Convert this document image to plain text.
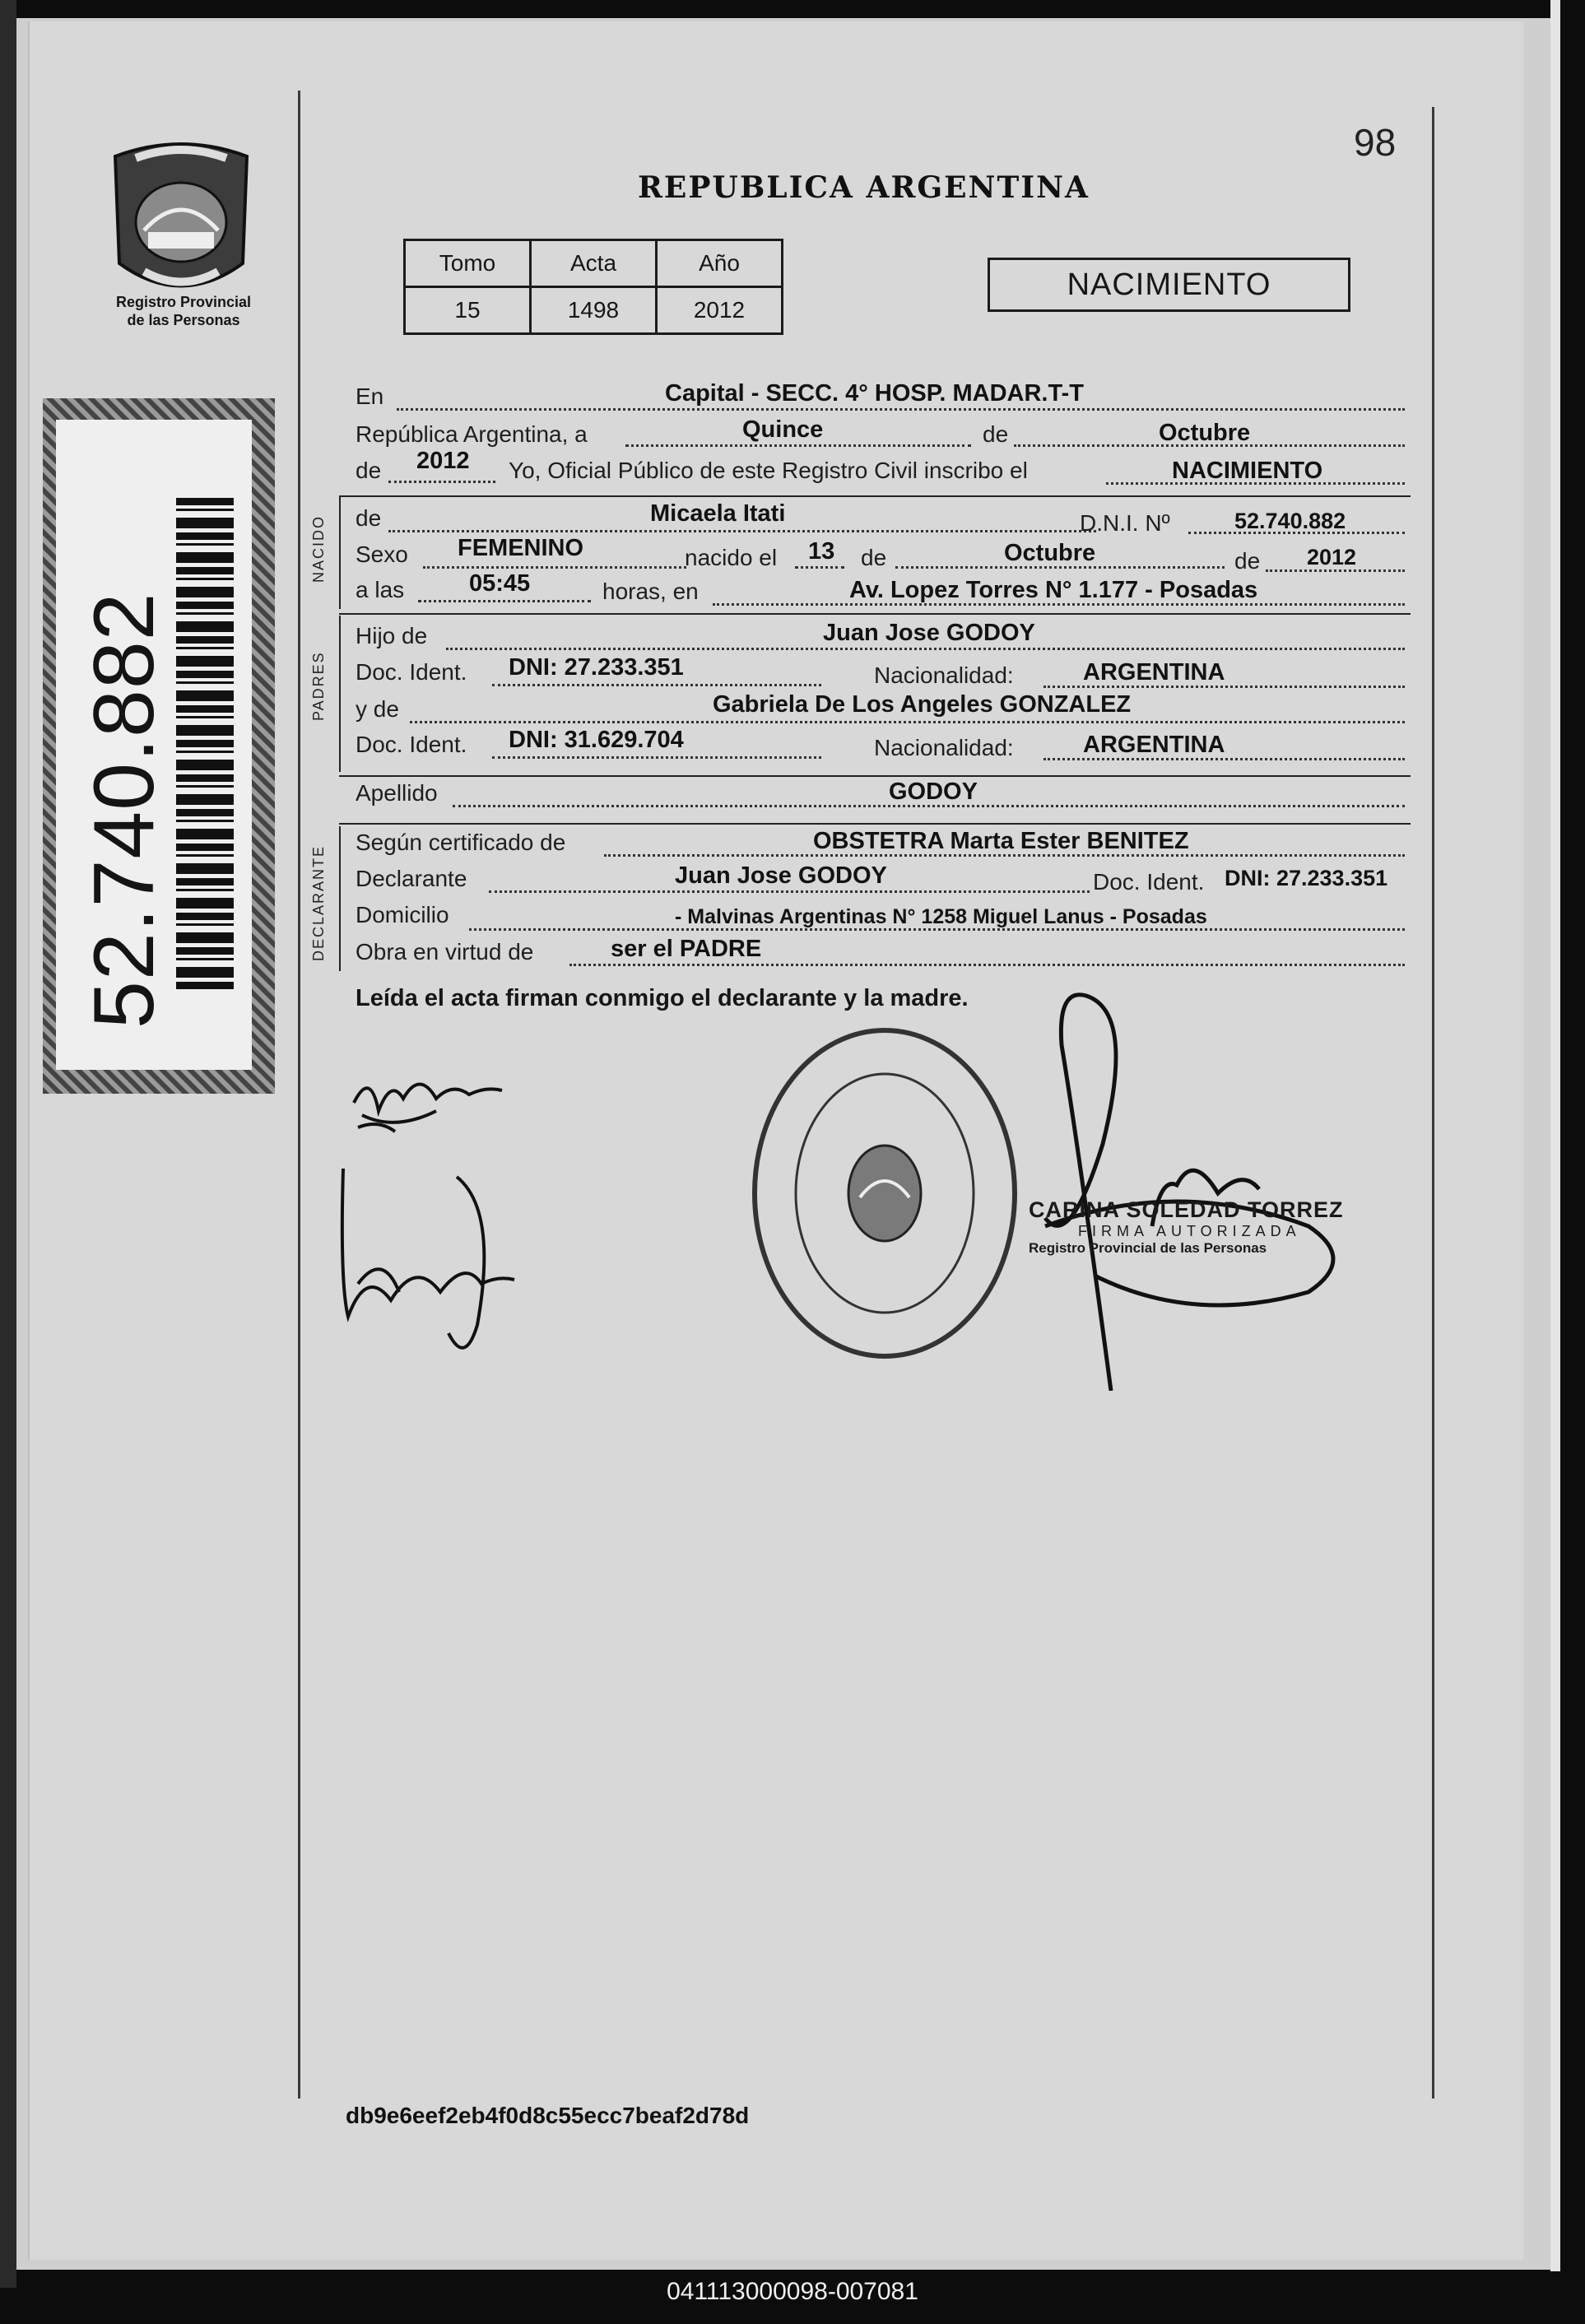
Registro Provincial
de las Personas
52.740.882
98
REPUBLICA ARGENTINA
Tomo	Acta	Año
15	1498	2012
NACIMIENTO
NACIDO
PADRES
DECLARANTE
En	Capital - SECC. 4° HOSP. MADAR.T-T
República Argentina, a	Quince	de	Octubre
de 2012 Yo, Oficial Público de este Registro Civil inscribo el	NACIMIENTO
de	Micaela Itati	D.N.I. Nº	52.740.882
Sexo FEMENINO	nacido el 13 de	Octubre	de 2012
a las	05:45	horas, en	Av. Lopez Torres N° 1.177 - Posadas
Hijo de	Juan Jose GODOY
Doc. Ident. DNI: 27.233.351	Nacionalidad:	ARGENTINA
y de	Gabriela De Los Angeles GONZALEZ
Doc. Ident. DNI: 31.629.704	Nacionalidad:	ARGENTINA
Apellido	GODOY
Según certificado de	OBSTETRA Marta Ester BENITEZ
Declarante	Juan Jose GODOY	Doc. Ident. DNI: 27.233.351
Domicilio	- Malvinas Argentinas N° 1258 Miguel Lanus - Posadas
Obra en virtud de	ser el PADRE
Leída el acta firman conmigo el declarante y la madre.
CARINA SOLEDAD TORREZ
FIRMA AUTORIZADA
Registro Provincial de las Personas
db9e6eef2eb4f0d8c55ecc7beaf2d78d
041113000098-007081
